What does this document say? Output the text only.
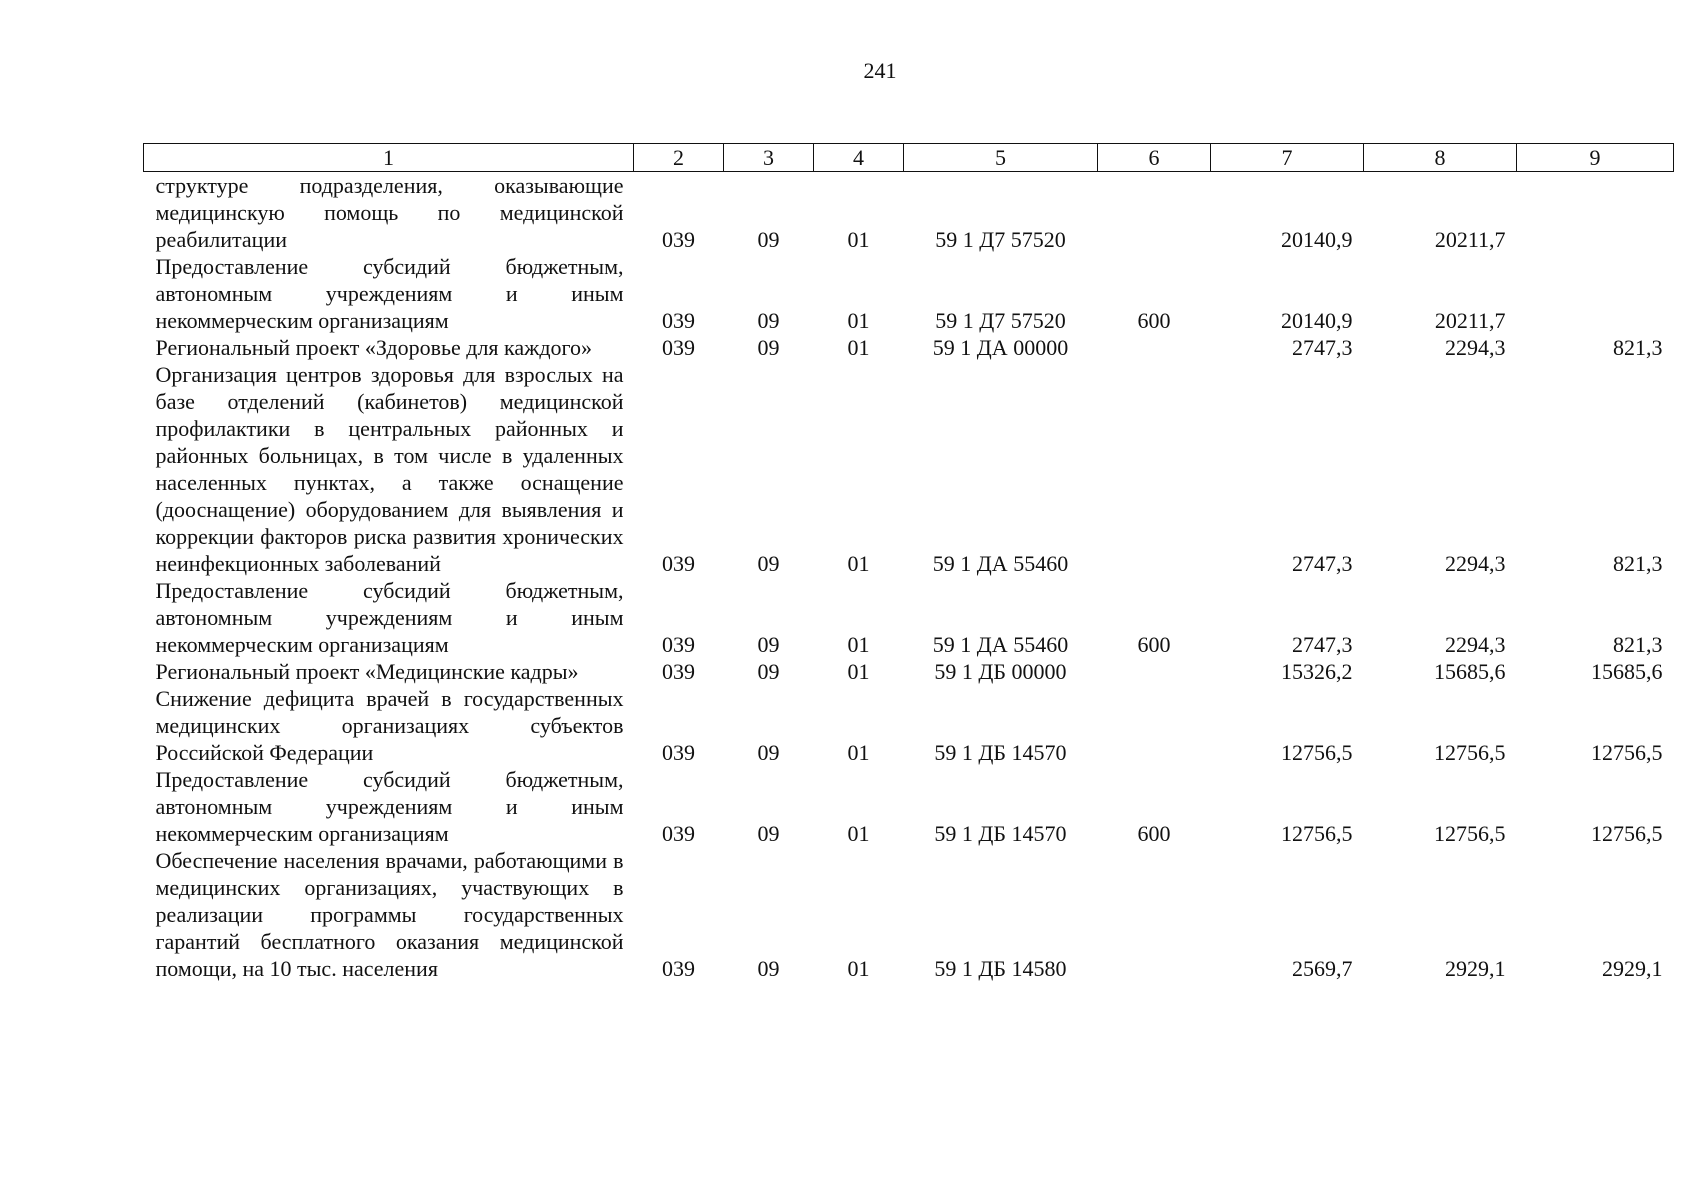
241
1	2	3	4	5	6	7	8	9
структуре подразделения, оказывающие медицинскую помощь по медицинской реабилитации	039	09	01	59 1 Д7 57520		20140,9	20211,7	
Предоставление субсидий бюджетным, автономным учреждениям и иным некоммерческим организациям	039	09	01	59 1 Д7 57520	600	20140,9	20211,7	
Региональный проект «Здоровье для каждого»	039	09	01	59 1 ДА 00000		2747,3	2294,3	821,3
Организация центров здоровья для взрослых на базе отделений (кабинетов) медицинской профилактики в центральных районных и районных больницах, в том числе в удаленных населенных пунктах, а также оснащение (дооснащение) оборудованием для выявления и коррекции факторов риска развития хронических неинфекционных заболеваний	039	09	01	59 1 ДА 55460		2747,3	2294,3	821,3
Предоставление субсидий бюджетным, автономным учреждениям и иным некоммерческим организациям	039	09	01	59 1 ДА 55460	600	2747,3	2294,3	821,3
Региональный проект «Медицинские кадры»	039	09	01	59 1 ДБ 00000		15326,2	15685,6	15685,6
Снижение дефицита врачей в государственных медицинских организациях субъектов Российской Федерации	039	09	01	59 1 ДБ 14570		12756,5	12756,5	12756,5
Предоставление субсидий бюджетным, автономным учреждениям и иным некоммерческим организациям	039	09	01	59 1 ДБ 14570	600	12756,5	12756,5	12756,5
Обеспечение населения врачами, работающими в медицинских организациях, участвующих в реализации программы государственных гарантий бесплатного оказания медицинской помощи, на 10 тыс. населения	039	09	01	59 1 ДБ 14580		2569,7	2929,1	2929,1
